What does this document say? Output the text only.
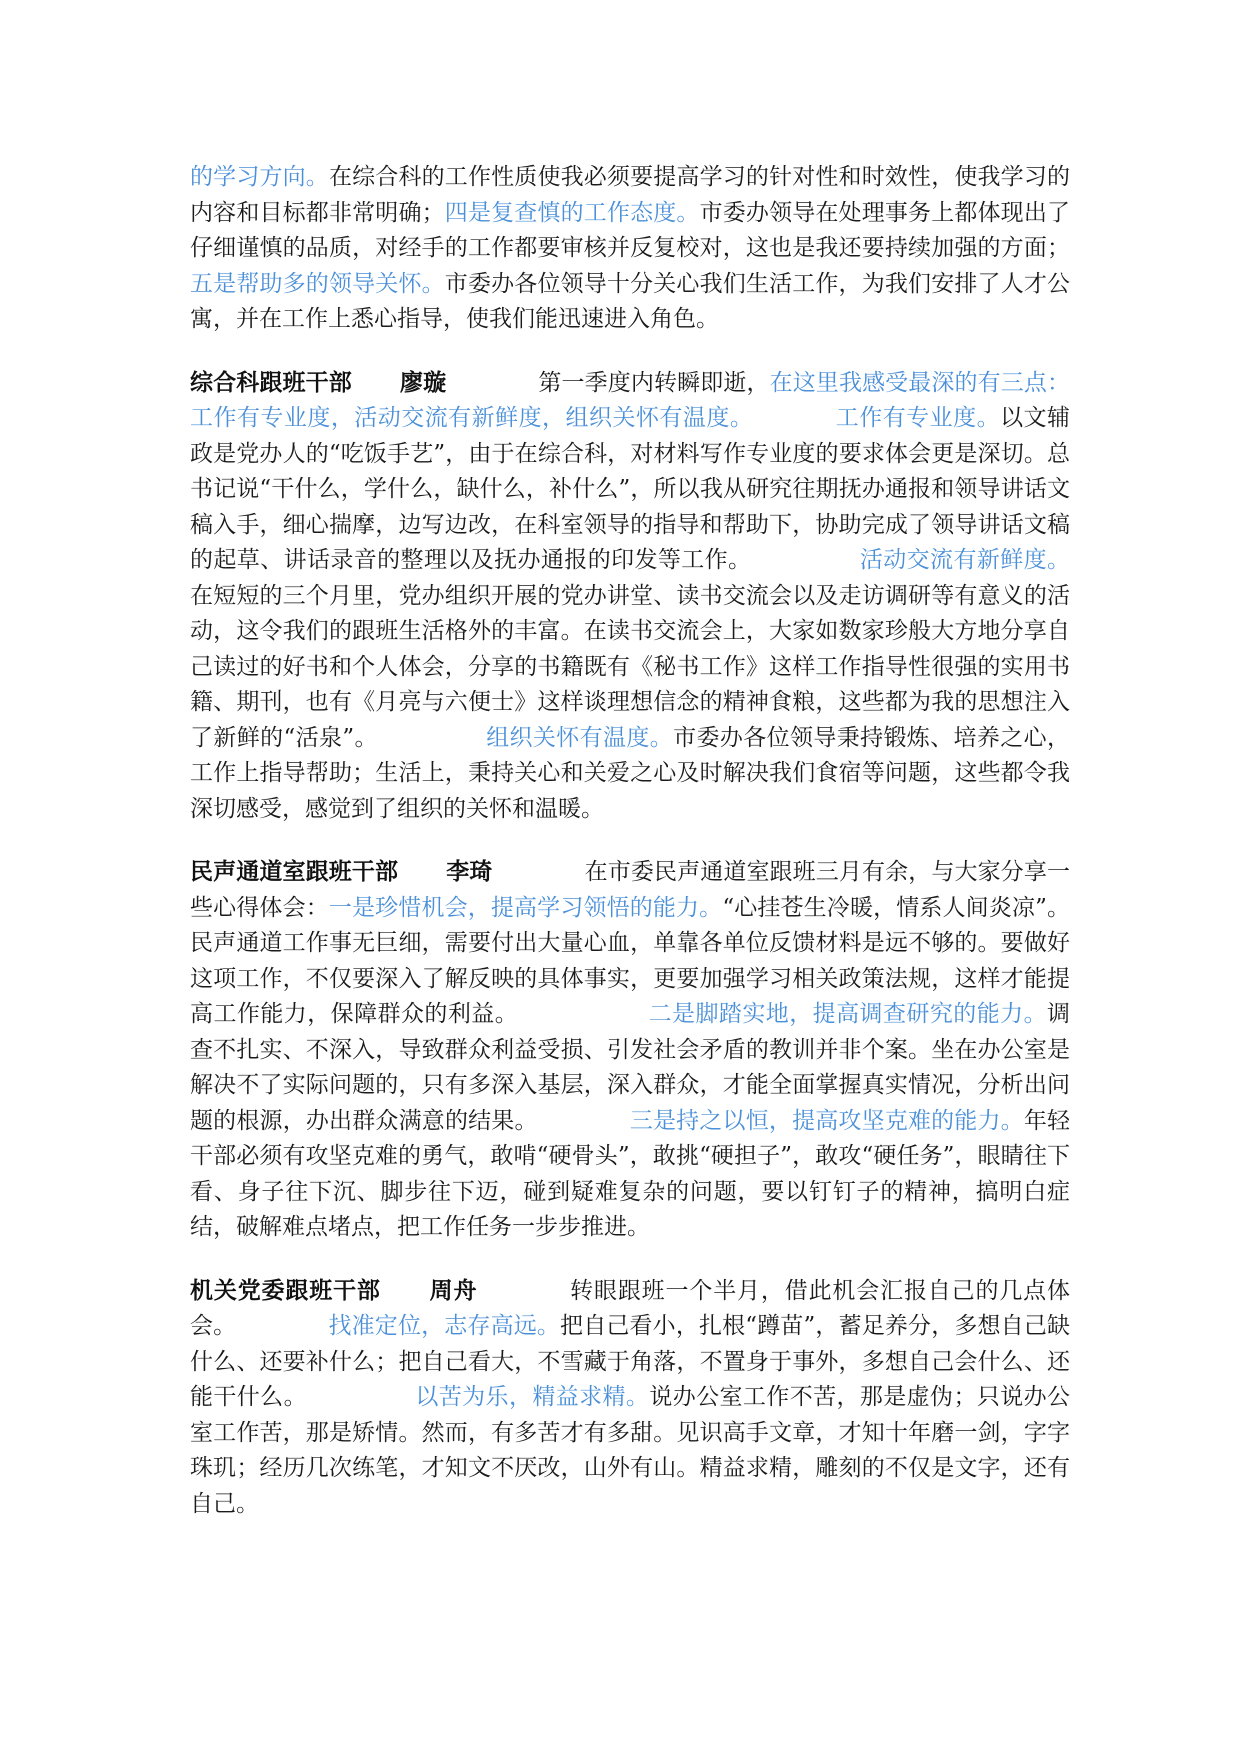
的学习方向。在综合科的工作性质使我必须要提高学习的针对性和时效性，使我学习的内容和目标都非常明确；四是复查慎的工作态度。市委办领导在处理事务上都体现出了仔细谨慎的品质，对经手的工作都要审核并反复校对，这也是我还要持续加强的方面；五是帮助多的领导关怀。市委办各位领导十分关心我们生活工作，为我们安排了人才公寓，并在工作上悉心指导，使我们能迅速进入角色。

综合科跟班干部 廖璇	第一季度内转瞬即逝，在这里我感受最深的有三点：工作有专业度，活动交流有新鲜度，组织关怀有温度。	工作有专业度。以文辅政是党办人的“吃饭手艺”，由于在综合科，对材料写作专业度的要求体会更是深切。总书记说“干什么，学什么，缺什么，补什么”，所以我从研究往期抚办通报和领导讲话文稿入手，细心揣摩，边写边改，在科室领导的指导和帮助下，协助完成了领导讲话文稿的起草、讲话录音的整理以及抚办通报的印发等工作。	活动交流有新鲜度。在短短的三个月里，党办组织开展的党办讲堂、读书交流会以及走访调研等有意义的活动，这令我们的跟班生活格外的丰富。在读书交流会上，大家如数家珍般大方地分享自己读过的好书和个人体会，分享的书籍既有《秘书工作》这样工作指导性很强的实用书籍、期刊，也有《月亮与六便士》这样谈理想信念的精神食粮，这些都为我的思想注入了新鲜的“活泉”。	组织关怀有温度。市委办各位领导秉持锻炼、培养之心，工作上指导帮助；生活上，秉持关心和关爱之心及时解决我们食宿等问题，这些都令我深切感受，感觉到了组织的关怀和温暖。

民声通道室跟班干部 李琦	在市委民声通道室跟班三月有余，与大家分享一些心得体会：一是珍惜机会，提高学习领悟的能力。“心挂苍生冷暖，情系人间炎凉”。民声通道工作事无巨细，需要付出大量心血，单靠各单位反馈材料是远不够的。要做好这项工作，不仅要深入了解反映的具体事实，更要加强学习相关政策法规，这样才能提高工作能力，保障群众的利益。	二是脚踏实地，提高调查研究的能力。调查不扎实、不深入，导致群众利益受损、引发社会矛盾的教训并非个案。坐在办公室是解决不了实际问题的，只有多深入基层，深入群众，才能全面掌握真实情况，分析出问题的根源，办出群众满意的结果。	三是持之以恒，提高攻坚克难的能力。年轻干部必须有攻坚克难的勇气，敢啃“硬骨头”，敢挑“硬担子”，敢攻“硬任务”，眼睛往下看、身子往下沉、脚步往下迈，碰到疑难复杂的问题，要以钉钉子的精神，搞明白症结，破解难点堵点，把工作任务一步步推进。

机关党委跟班干部 周舟	转眼跟班一个半月，借此机会汇报自己的几点体会。	找准定位，志存高远。把自己看小，扎根“蹲苗”，蓄足养分，多想自己缺什么、还要补什么；把自己看大，不雪藏于角落，不置身于事外，多想自己会什么、还能干什么。	以苦为乐，精益求精。说办公室工作不苦，那是虚伪；只说办公室工作苦，那是矫情。然而，有多苦才有多甜。见识高手文章，才知十年磨一剑，字字珠玑；经历几次练笔，才知文不厌改，山外有山。精益求精，雕刻的不仅是文字，还有自己。
